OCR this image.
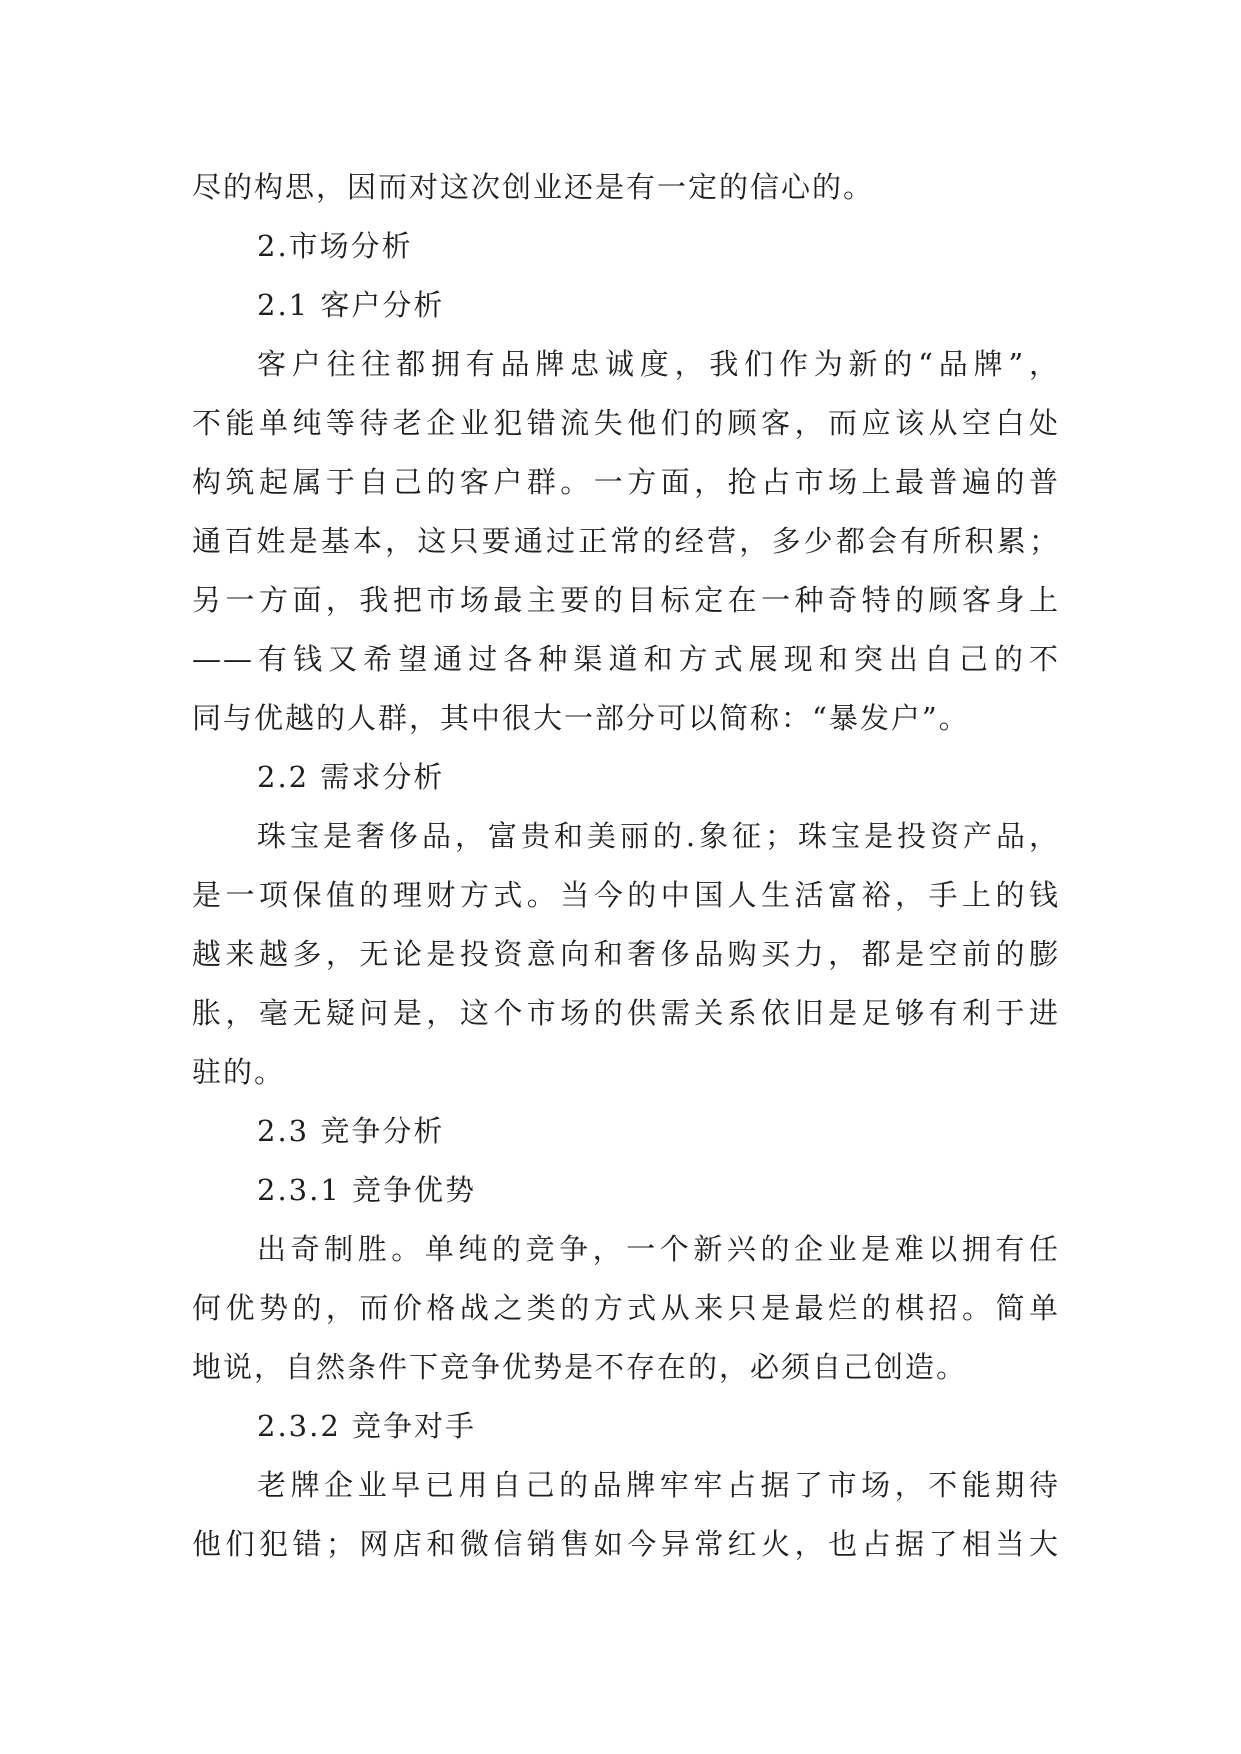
尽的构思，因而对这次创业还是有一定的信心的。
2.市场分析
2.1 客户分析
客户往往都拥有品牌忠诚度，我们作为新的“品牌”，
不能单纯等待老企业犯错流失他们的顾客，而应该从空白处
构筑起属于自己的客户群。一方面，抢占市场上最普遍的普
通百姓是基本，这只要通过正常的经营，多少都会有所积累；
另一方面，我把市场最主要的目标定在一种奇特的顾客身上
——有钱又希望通过各种渠道和方式展现和突出自己的不
同与优越的人群，其中很大一部分可以简称：“暴发户”。
2.2 需求分析
珠宝是奢侈品，富贵和美丽的.象征；珠宝是投资产品，
是一项保值的理财方式。当今的中国人生活富裕，手上的钱
越来越多，无论是投资意向和奢侈品购买力，都是空前的膨
胀，毫无疑问是，这个市场的供需关系依旧是足够有利于进
驻的。
2.3 竞争分析
2.3.1 竞争优势
出奇制胜。单纯的竞争，一个新兴的企业是难以拥有任
何优势的，而价格战之类的方式从来只是最烂的棋招。简单
地说，自然条件下竞争优势是不存在的，必须自己创造。
2.3.2 竞争对手
老牌企业早已用自己的品牌牢牢占据了市场，不能期待
他们犯错；网店和微信销售如今异常红火，也占据了相当大
